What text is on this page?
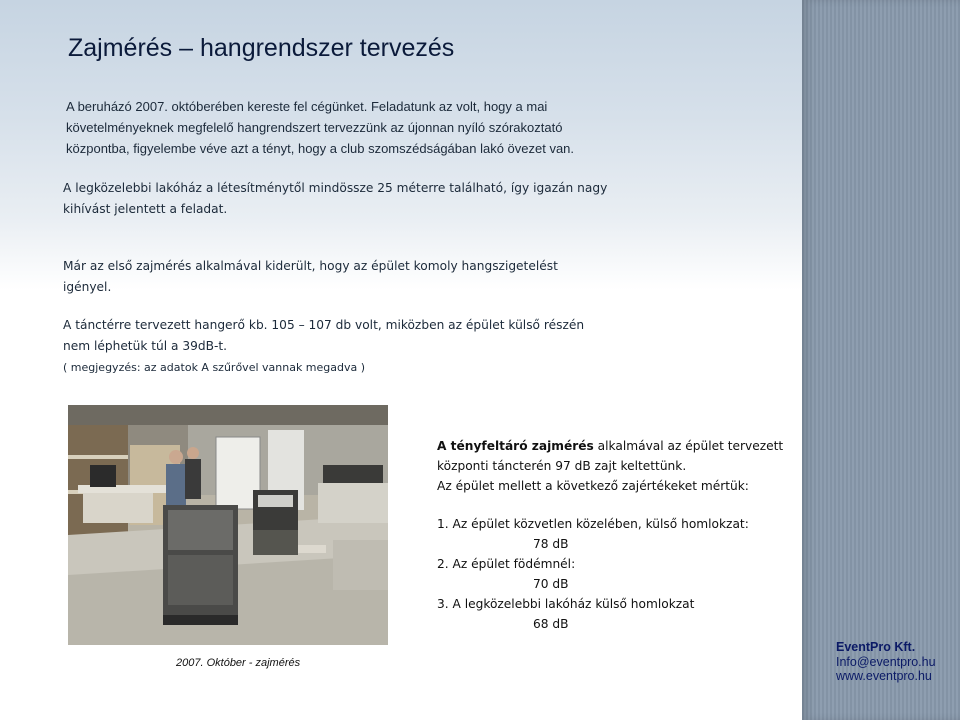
Zajmérés – hangrendszer tervezés
A beruházó 2007. októberében kereste fel cégünket. Feladatunk az volt, hogy a mai követelményeknek megfelelő hangrendszert tervezzünk az újonnan nyíló szórakoztató központba, figyelembe véve azt a tényt, hogy a club szomszédságában lakó övezet van.
A legközelebbi lakóház a létesítménytől mindössze 25 méterre található, így igazán nagy kihívást jelentett a feladat.
Már az első zajmérés alkalmával kiderült, hogy az épület komoly hangszigetelést igényel.
A tánctérre tervezett hangerő kb. 105 – 107 db volt, miközben az épület külső részén nem léphetük túl a 39dB-t.
( megjegyzés: az adatok A szűrővel vannak megadva )
2007. Október - zajmérés
A tényfeltáró zajmérés alkalmával az épület tervezett
központi táncterén 97 dB zajt keltettünk.
Az épület mellett a következő zajértékeket mértük:
1. Az épület közvetlen közelében, külső homlokzat:
78 dB
2. Az épület födémnél:
70 dB
3. A legközelebbi lakóház külső homlokzat
68 dB
EventPro Kft.
Info@eventpro.hu
www.eventpro.hu
